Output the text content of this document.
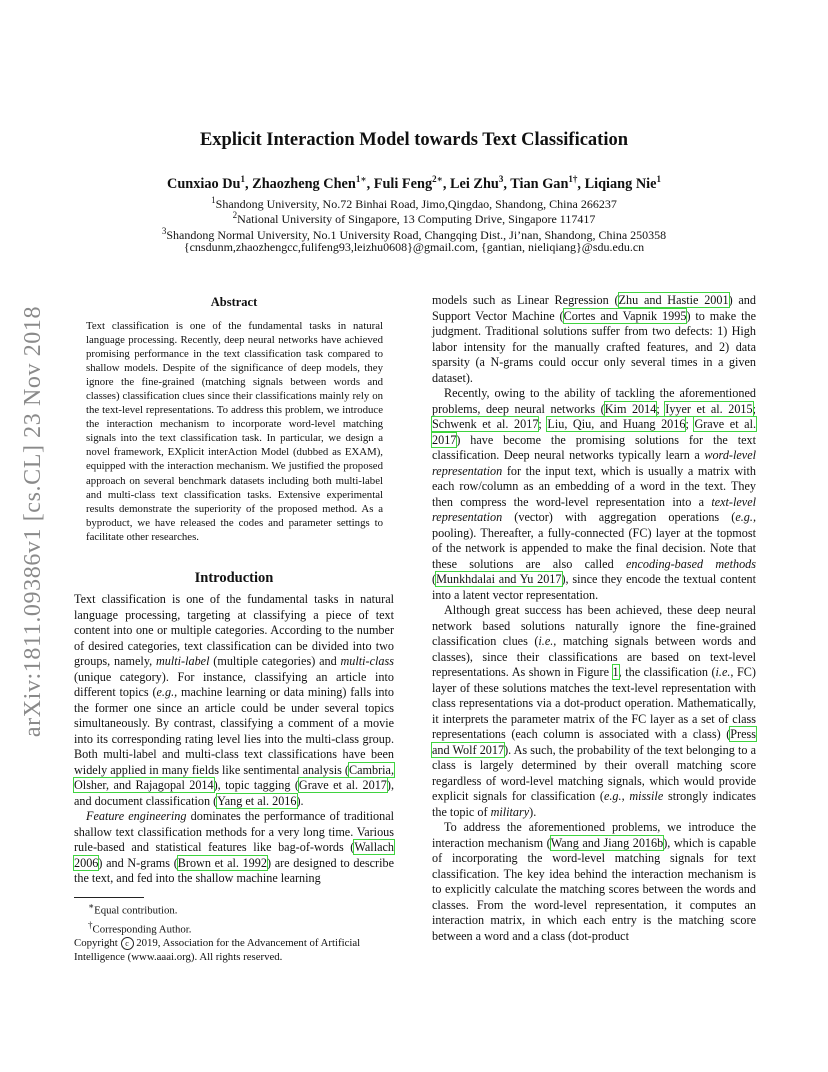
arXiv:1811.09386v1 [cs.CL] 23 Nov 2018
Explicit Interaction Model towards Text Classification
Cunxiao Du$^1$, Zhaozheng Chen$^{1∗}$, Fuli Feng$^{2∗}$, Lei Zhu$^3$, Tian Gan$^{1\dagger}$, Liqiang Nie$^1$
$^1$Shandong University, No.72 Binhai Road, Jimo,Qingdao, Shandong, China 266237
$^2$National University of Singapore, 13 Computing Drive, Singapore 117417
$^3$Shandong Normal University, No.1 University Road, Changqing Dist., Ji’nan, Shandong, China 250358
{cnsdunm,zhaozhengcc,fulifeng93,leizhu0608}@gmail.com, {gantian, nieliqiang}@sdu.edu.cn
Abstract
Text classification is one of the fundamental tasks in natural language processing. Recently, deep neural networks have achieved promising performance in the text classification task compared to shallow models. Despite of the significance of deep models, they ignore the fine-grained (matching signals between words and classes) classification clues since their classifications mainly rely on the text-level representations. To address this problem, we introduce the interaction mechanism to incorporate word-level matching signals into the text classification task. In particular, we design a novel framework, EXplicit interAction Model (dubbed as EXAM), equipped with the interaction mechanism. We justified the proposed approach on several benchmark datasets including both multi-label and multi-class text classification tasks. Extensive experimental results demonstrate the superiority of the proposed method. As a byproduct, we have released the codes and parameter settings to facilitate other researches.
Introduction

Text classification is one of the fundamental tasks in natural language processing, targeting at classifying a piece of text content into one or multiple categories. According to the number of desired categories, text classification can be divided into two groups, namely, multi-label (multiple categories) and multi-class (unique category). For instance, classifying an article into different topics (e.g., machine learning or data mining) falls into the former one since an article could be under several topics simultaneously. By contrast, classifying a comment of a movie into its corresponding rating level lies into the multi-class group. Both multi-label and multi-class text classifications have been widely applied in many fields like sentimental analysis (Cambria, Olsher, and Rajagopal 2014), topic tagging (Grave et al. 2017), and document classification (Yang et al. 2016).

Feature engineering dominates the performance of traditional shallow text classification methods for a very long time. Various rule-based and statistical features like bag-of-words (Wallach 2006) and N-grams (Brown et al. 1992) are designed to describe the text, and fed into the shallow machine learning

models such as Linear Regression (Zhu and Hastie 2001) and Support Vector Machine (Cortes and Vapnik 1995) to make the judgment. Traditional solutions suffer from two defects: 1) High labor intensity for the manually crafted features, and 2) data sparsity (a N-grams could occur only several times in a given dataset).

Recently, owing to the ability of tackling the aforementioned problems, deep neural networks (Kim 2014; Iyyer et al. 2015; Schwenk et al. 2017; Liu, Qiu, and Huang 2016; Grave et al. 2017) have become the promising solutions for the text classification. Deep neural networks typically learn a word-level representation for the input text, which is usually a matrix with each row/column as an embedding of a word in the text. They then compress the word-level representation into a text-level representation (vector) with aggregation operations (e.g., pooling). Thereafter, a fully-connected (FC) layer at the topmost of the network is appended to make the final decision. Note that these solutions are also called encoding-based methods (Munkhdalai and Yu 2017), since they encode the textual content into a latent vector representation.

Although great success has been achieved, these deep neural network based solutions naturally ignore the fine-grained classification clues (i.e., matching signals between words and classes), since their classifications are based on text-level representations. As shown in Figure 1, the classification (i.e., FC) layer of these solutions matches the text-level representation with class representations via a dot-product operation. Mathematically, it interprets the parameter matrix of the FC layer as a set of class representations (each column is associated with a class) (Press and Wolf 2017). As such, the probability of the text belonging to a class is largely determined by their overall matching score regardless of word-level matching signals, which would provide explicit signals for classification (e.g., missile strongly indicates the topic of military).

To address the aforementioned problems, we introduce the interaction mechanism (Wang and Jiang 2016b), which is capable of incorporating the word-level matching signals for text classification. The key idea behind the interaction mechanism is to explicitly calculate the matching scores between the words and classes. From the word-level representation, it computes an interaction matrix, in which each entry is the matching score between a word and a class (dot-product

∗Equal contribution.
†Corresponding Author.
Copyright c 2019, Association for the Advancement of Artificial Intelligence (www.aaai.org). All rights reserved.
